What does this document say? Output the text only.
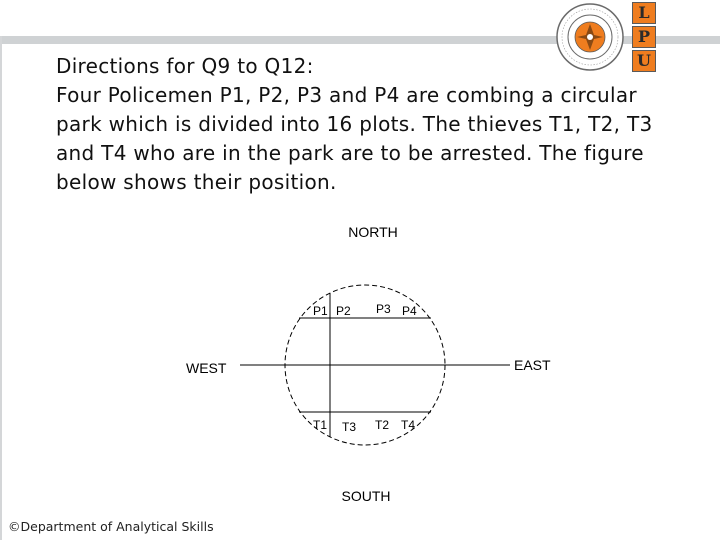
L
P
U

Directions for Q9 to Q12:

Four Policemen P1, P2, P3 and P4 are combing a circular park which is divided into 16 plots. The thieves T1, T2, T3 and T4 who are in the park are to be arrested. The figure below shows their position.

NORTH
SOUTH
WEST	EAST
P1 P2 P3 P4
T1 T3 T2 T4
©Department of Analytical Skills
